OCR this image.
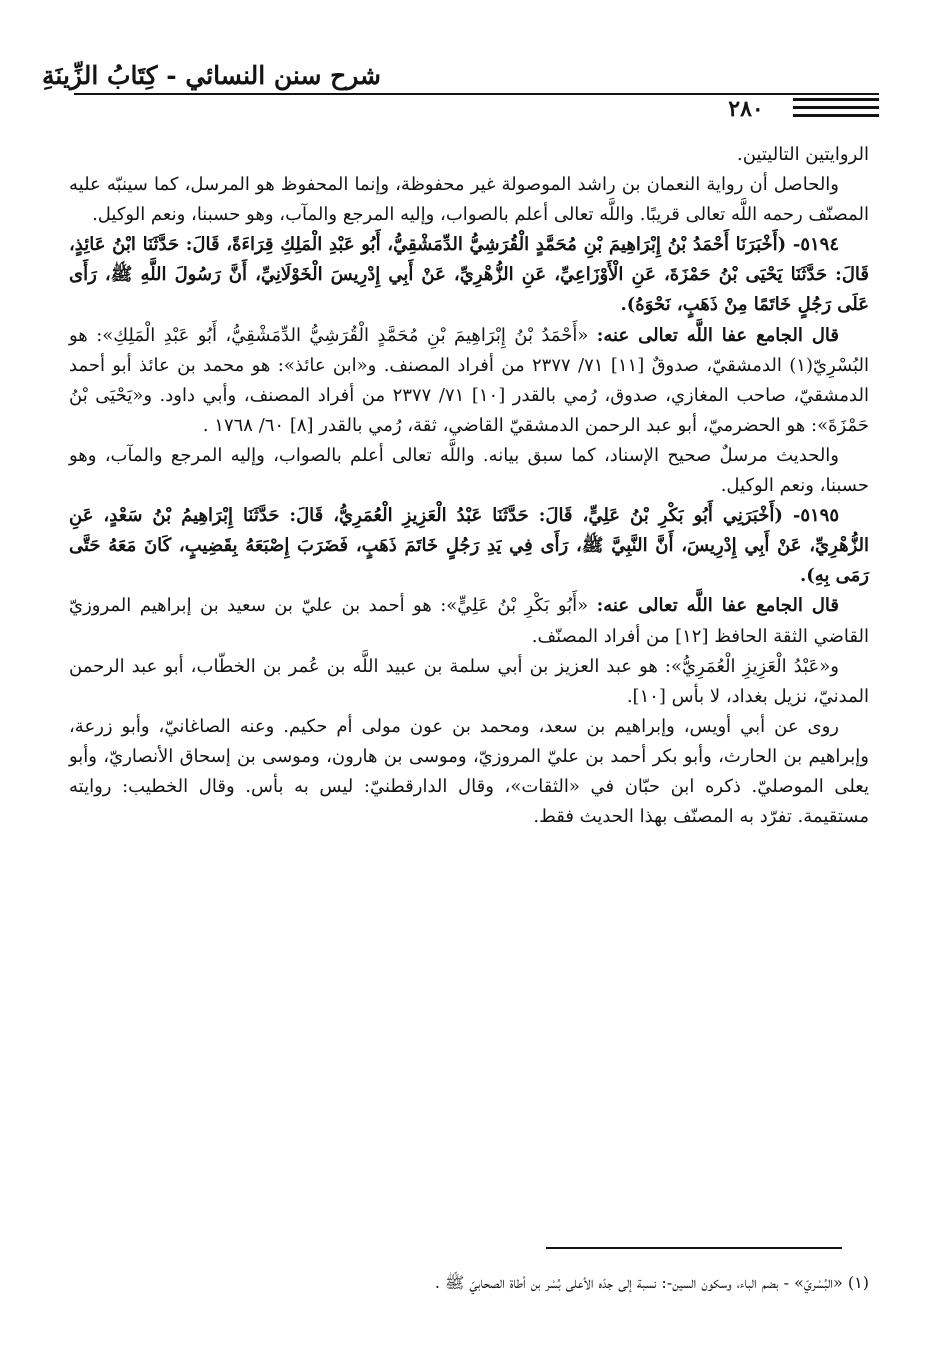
شرح سنن النسائي - كِتَابُ الزِّينَةِ
٢٨٠

الروايتين التاليتين.

والحاصل أن رواية النعمان بن راشد الموصولة غير محفوظة، وإنما المحفوظ هو المرسل، كما سينبّه عليه المصنّف رحمه اللَّه تعالى قريبًا. واللَّه تعالى أعلم بالصواب، وإليه المرجع والمآب، وهو حسبنا، ونعم الوكيل.

٥١٩٤- (أَخْبَرَنَا أَحْمَدُ بْنُ إِبْرَاهِيمَ بْنِ مُحَمَّدٍ الْقُرَشِيُّ الدِّمَشْقِيُّ، أَبُو عَبْدِ الْمَلِكِ قِرَاءَةً، قَالَ: حَدَّثَنَا ابْنُ عَائِذٍ، قَالَ: حَدَّثَنَا يَحْيَى بْنُ حَمْزَةَ، عَنِ الْأَوْزَاعِيِّ، عَنِ الزُّهْرِيِّ، عَنْ أَبِي إِدْرِيسَ الْخَوْلَانِيِّ، أَنَّ رَسُولَ اللَّهِ ﷺ، رَأَى عَلَى رَجُلٍ خَاتَمًا مِنْ ذَهَبٍ، نَحْوَهُ).

قال الجامع عفا اللَّه تعالى عنه: «أَحْمَدُ بْنُ إِبْرَاهِيمَ بْنِ مُحَمَّدٍ الْقُرَشِيُّ الدِّمَشْقِيُّ، أَبُو عَبْدِ الْمَلِكِ»: هو البُسْرِيّ(١) الدمشقيّ، صدوقٌ [١١] ٧١/ ٢٣٧٧ من أفراد المصنف. و«ابن عائذ»: هو محمد بن عائذ أبو أحمد الدمشقيّ، صاحب المغازي، صدوق، رُمي بالقدر [١٠] ٧١/ ٢٣٧٧ من أفراد المصنف، وأبي داود. و«يَحْيَى بْنُ حَمْزَةَ»: هو الحضرميّ، أبو عبد الرحمن الدمشقيّ القاضي، ثقة، رُمي بالقدر [٨] ٦٠/ ١٧٦٨ .

والحديث مرسلٌ صحيح الإسناد، كما سبق بيانه. واللَّه تعالى أعلم بالصواب، وإليه المرجع والمآب، وهو حسبنا، ونعم الوكيل.

٥١٩٥- (أَخْبَرَنِي أَبُو بَكْرِ بْنُ عَلِيٍّ، قَالَ: حَدَّثَنَا عَبْدُ الْعَزِيزِ الْعُمَرِيُّ، قَالَ: حَدَّثَنَا إِبْرَاهِيمُ بْنُ سَعْدٍ، عَنِ الزُّهْرِيِّ، عَنْ أَبِي إِدْرِيسَ، أَنَّ النَّبِيَّ ﷺ، رَأَى فِي يَدِ رَجُلٍ خَاتَمَ ذَهَبٍ، فَضَرَبَ إِصْبَعَهُ بِقَضِيبٍ، كَانَ مَعَهُ حَتَّى رَمَى بِهِ).

قال الجامع عفا اللَّه تعالى عنه: «أَبُو بَكْرِ بْنُ عَلِيٍّ»: هو أحمد بن عليّ بن سعيد بن إبراهيم المروزيّ القاضي الثقة الحافظ [١٢] من أفراد المصنّف.

و«عَبْدُ الْعَزِيزِ الْعُمَرِيُّ»: هو عبد العزيز بن أبي سلمة بن عبيد اللَّه بن عُمر بن الخطّاب، أبو عبد الرحمن المدنيّ، نزيل بغداد، لا بأس [١٠].

روى عن أبي أويس، وإبراهيم بن سعد، ومحمد بن عون مولى أم حكيم. وعنه الصاغانيّ، وأبو زرعة، وإبراهيم بن الحارث، وأبو بكر أحمد بن عليّ المروزيّ، وموسى بن هارون، وموسى بن إسحاق الأنصاريّ، وأبو يعلى الموصليّ. ذكره ابن حبّان في «الثقات»، وقال الدارقطنيّ: ليس به بأس. وقال الخطيب: روايته مستقيمة. تفرّد به المصنّف بهذا الحديث فقط.

(١) «البُسْريّ» - بضم الباء، وسكون السين-: نسبة إلى جدّه الأعلى بُسْر بن أطاة الصحابيّ ﷺ .
